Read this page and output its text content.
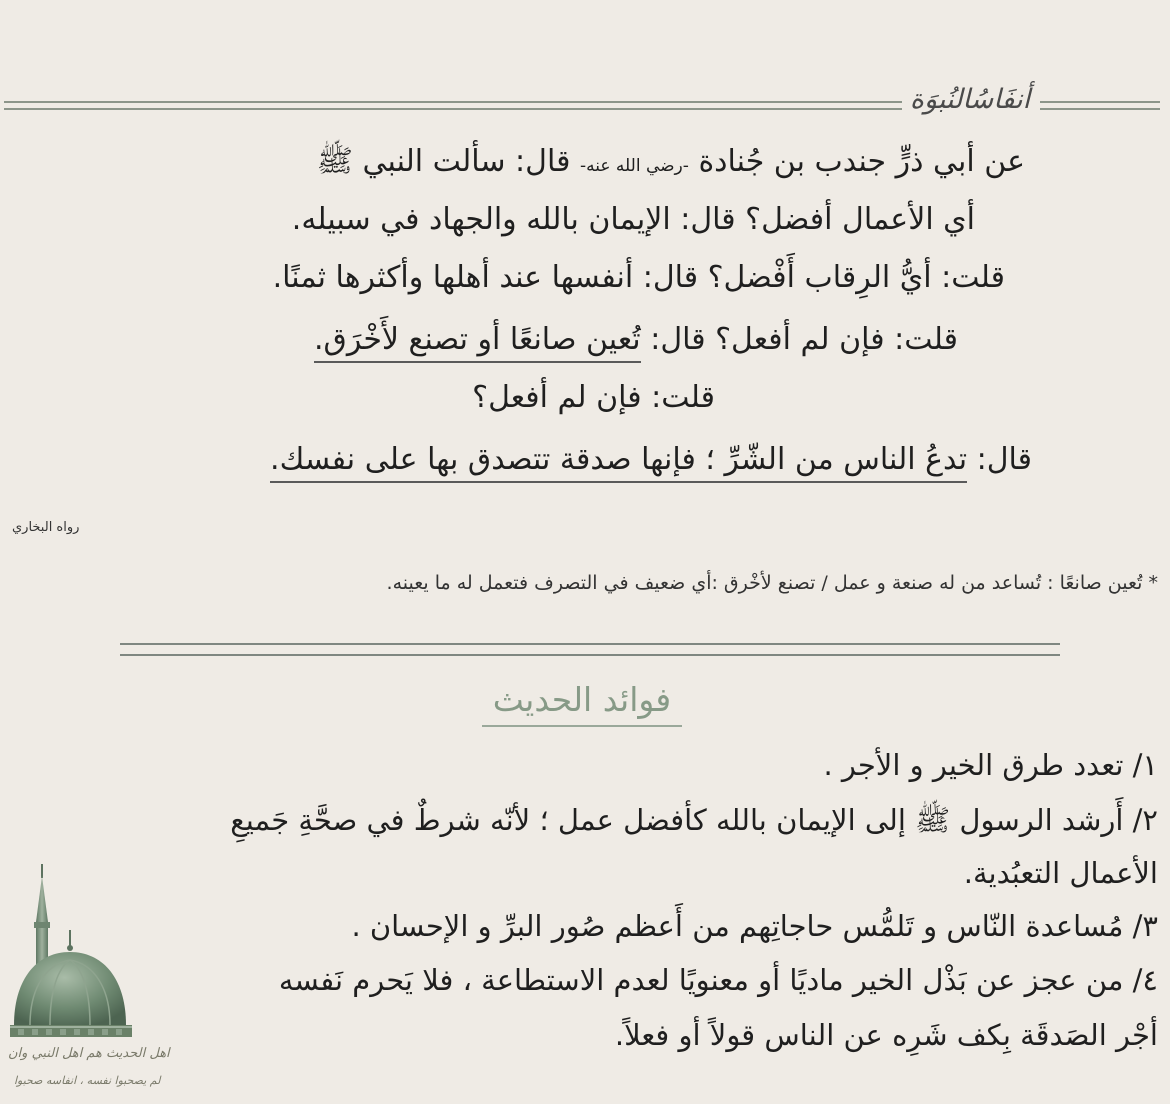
أنفَاسُالنُبوَة
عن أبي ذرٍّ جندب بن جُنادة -رضي الله عنه- قال: سألت النبي ﷺ
أي الأعمال أفضل؟ قال: الإيمان بالله والجهاد في سبيله.
قلت: أيُّ الرِقاب أَفْضل؟ قال: أنفسها عند أهلها وأكثرها ثمنًا.
قلت: فإن لم أفعل؟ قال: تُعين صانعًا أو تصنع لأَخْرَق.
قلت: فإن لم أفعل؟
قال: تدعُ الناس من الشّرِّ ؛ فإنها صدقة تتصدق بها على نفسك.
رواه البخاري
* تُعين صانعًا : تُساعد من له صنعة و عمل / تصنع لأخْرق :أي ضعيف في التصرف فتعمل له ما يعينه.
فوائد الحديث
١/ تعدد طرق الخير و الأجر .
٢/ أَرشد الرسول ﷺ إلى الإيمان بالله كأفضل عمل ؛ لأنّه شرطٌ في صحَّةِ جَميعِ
الأعمال التعبُدية.
٣/ مُساعدة النّاس و تَلمُّس حاجاتِهم من أَعظم صُور البرِّ و الإحسان .
٤/ من عجز عن بَذْل الخير ماديًا أو معنويًا لعدم الاستطاعة ، فلا يَحرم نَفسه
أجْر الصَدقَة بِكف شَرِه عن الناس قولاً أو فعلاً.
اهل الحديث هم اهل النبي وان
لم يصحبوا نفسه ، انفاسه صحبوا
